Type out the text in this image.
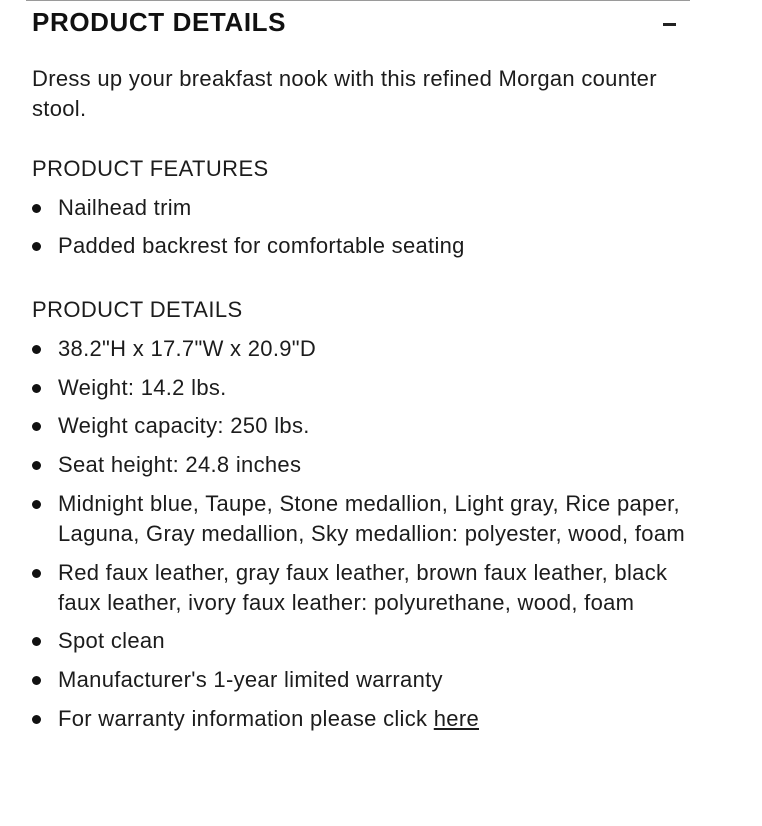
PRODUCT DETAILS

Dress up your breakfast nook with this refined Morgan counter stool.

PRODUCT FEATURES
Nailhead trim
Padded backrest for comfortable seating
PRODUCT DETAILS
38.2"H x 17.7"W x 20.9"D
Weight: 14.2 lbs.
Weight capacity: 250 lbs.
Seat height: 24.8 inches
Midnight blue, Taupe, Stone medallion, Light gray, Rice paper, Laguna, Gray medallion, Sky medallion: polyester, wood, foam
Red faux leather, gray faux leather, brown faux leather, black faux leather, ivory faux leather: polyurethane, wood, foam
Spot clean
Manufacturer's 1-year limited warranty
For warranty information please click here
